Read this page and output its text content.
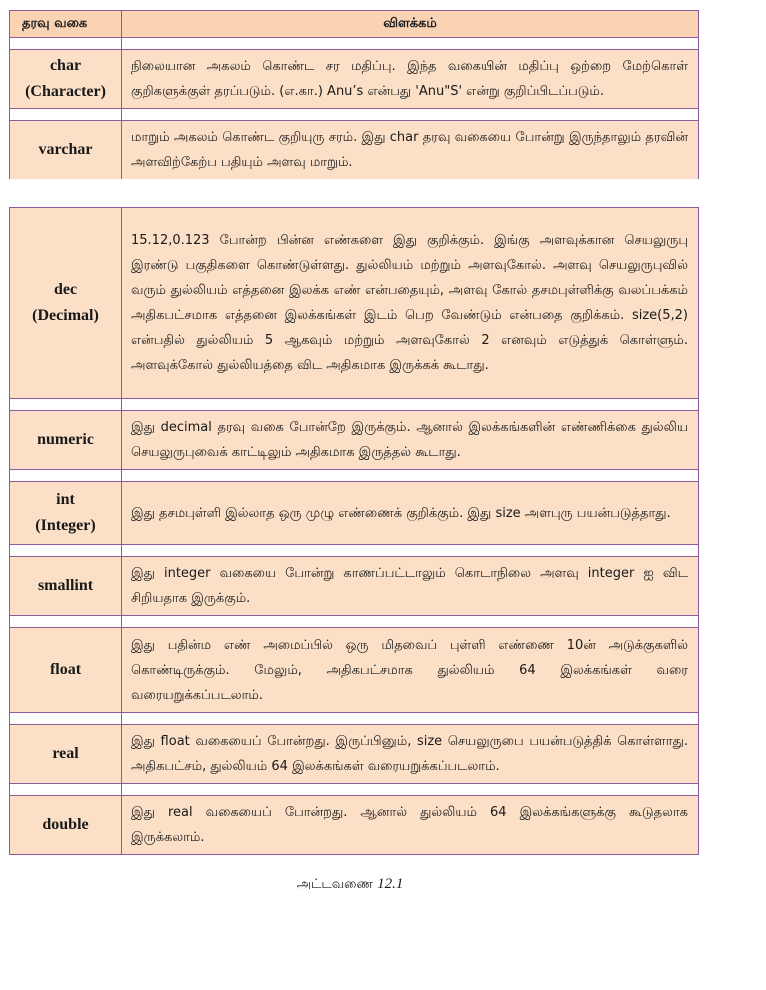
தரவு வகை	விளக்கம்

char
(Character)	நிலையான அகலம் கொண்ட சர மதிப்பு. இந்த வகையின் மதிப்பு ஒற்றை மேற்கொள் குறிகளுக்குள் தரப்படும். (எ.கா.) Anu’s என்பது 'Anu"S' என்று குறிப்பிடப்படும்.

varchar	மாறும் அகலம் கொண்ட குறியுரு சரம். இது char தரவு வகையை போன்று இருந்தாலும் தரவின் அளவிற்கேற்ப பதியும் அளவு மாறும்.
dec
(Decimal)	15.12,0.123 போன்ற பின்ன எண்களை இது குறிக்கும். இங்கு அளவுக்கான செயலுருபு இரண்டு பகுதிகளை கொண்டுள்ளது. துல்லியம் மற்றும் அளவுகோல். அளவு செயலுருபுவில் வரும் துல்லியம் எத்தனை இலக்க எண் என்பதையும், அளவு கோல் தசமபுள்ளிக்கு வலப்பக்கம் அதிகபட்சமாக எத்தனை இலக்கங்கள் இடம் பெற வேண்டும் என்பதை குறிக்கம். size(5,2) என்பதில் துல்லியம் 5 ஆகவும் மற்றும் அளவுகோல் 2 எனவும் எடுத்துக் கொள்ளும். அளவுக்கோல் துல்லியத்தை விட அதிகமாக இருக்கக் கூடாது.

numeric	இது decimal தரவு வகை போன்றே இருக்கும். ஆனால் இலக்கங்களின் எண்ணிக்கை துல்லிய செயலுருபுவைக் காட்டிலும் அதிகமாக இருத்தல் கூடாது.

int
(Integer)	இது தசமபுள்ளி இல்லாத ஒரு முழு எண்ணைக் குறிக்கும். இது size அளபுரு பயன்படுத்தாது.

smallint	இது integer வகையை போன்று காணப்பட்டாலும் கொடாநிலை அளவு integer ஐ விட சிறியதாக இருக்கும்.

float	இது பதின்ம எண் அமைப்பில் ஒரு மிதவைப் புள்ளி எண்ணை 10ன் அடுக்குகளில் கொண்டிருக்கும். மேலும், அதிகபட்சமாக துல்லியம் 64 இலக்கங்கள் வரை வரையறுக்கப்படலாம்.

real	இது float வகையைப் போன்றது. இருப்பினும், size செயலுருபை பயன்படுத்திக் கொள்ளாது. அதிகபட்சம், துல்லியம் 64 இலக்கங்கள் வரையறுக்கப்படலாம்.

double	இது real வகையைப் போன்றது. ஆனால் துல்லியம் 64 இலக்கங்களுக்கு கூடுதலாக இருக்கலாம்.
அட்டவணை 12.1
